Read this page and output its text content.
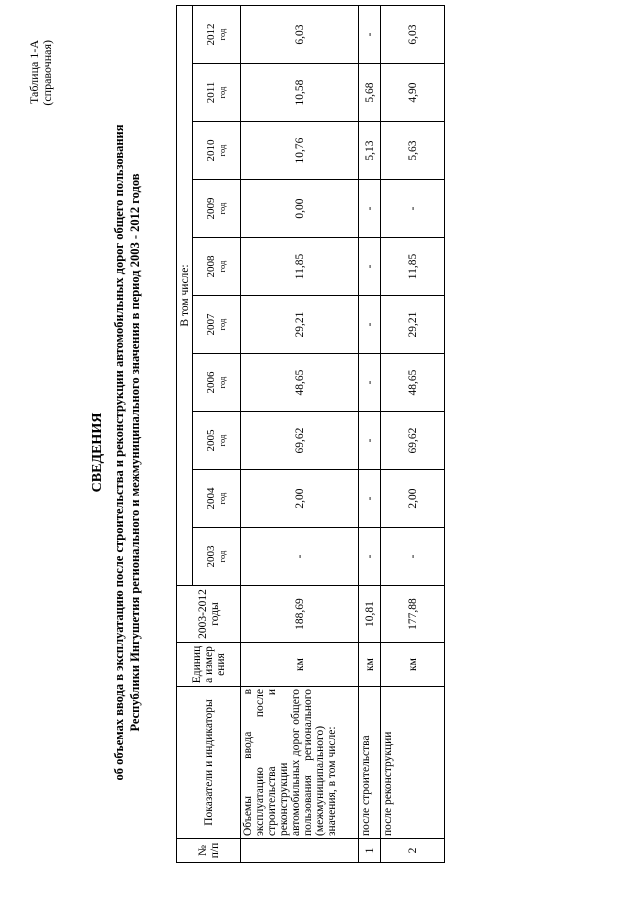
Таблица 1-А (справочная)
СВЕДЕНИЯ об объемах ввода в эксплуатацию после строительства и реконструкции автомобильных дорог общего пользования Республики Ингушетия регионального и межмуниципального значения в период 2003 - 2012 годов
№ п/п	Показатели и индикаторы	Единица измерения	2003-2012 годы	В том числе:									
				2003 год	2004 год	2005 год	2006 год	2007 год	2008 год	2009 год	2010 год	2011 год	2012 год

	Объемы ввода в эксплуатацию после строительства и реконструкции автомобильных дорог общего пользования регионального (межмуниципального) значения, в том числе:	км	188,69	-	2,00	69,62	48,65	29,21	11,85	0,00	10,76	10,58	6,03
1	после строительства	км	10,81	-	-	-	-	-	-	-	5,13	5,68	-
2	после реконструкции	км	177,88	-	2,00	69,62	48,65	29,21	11,85	-	5,63	4,90	6,03
